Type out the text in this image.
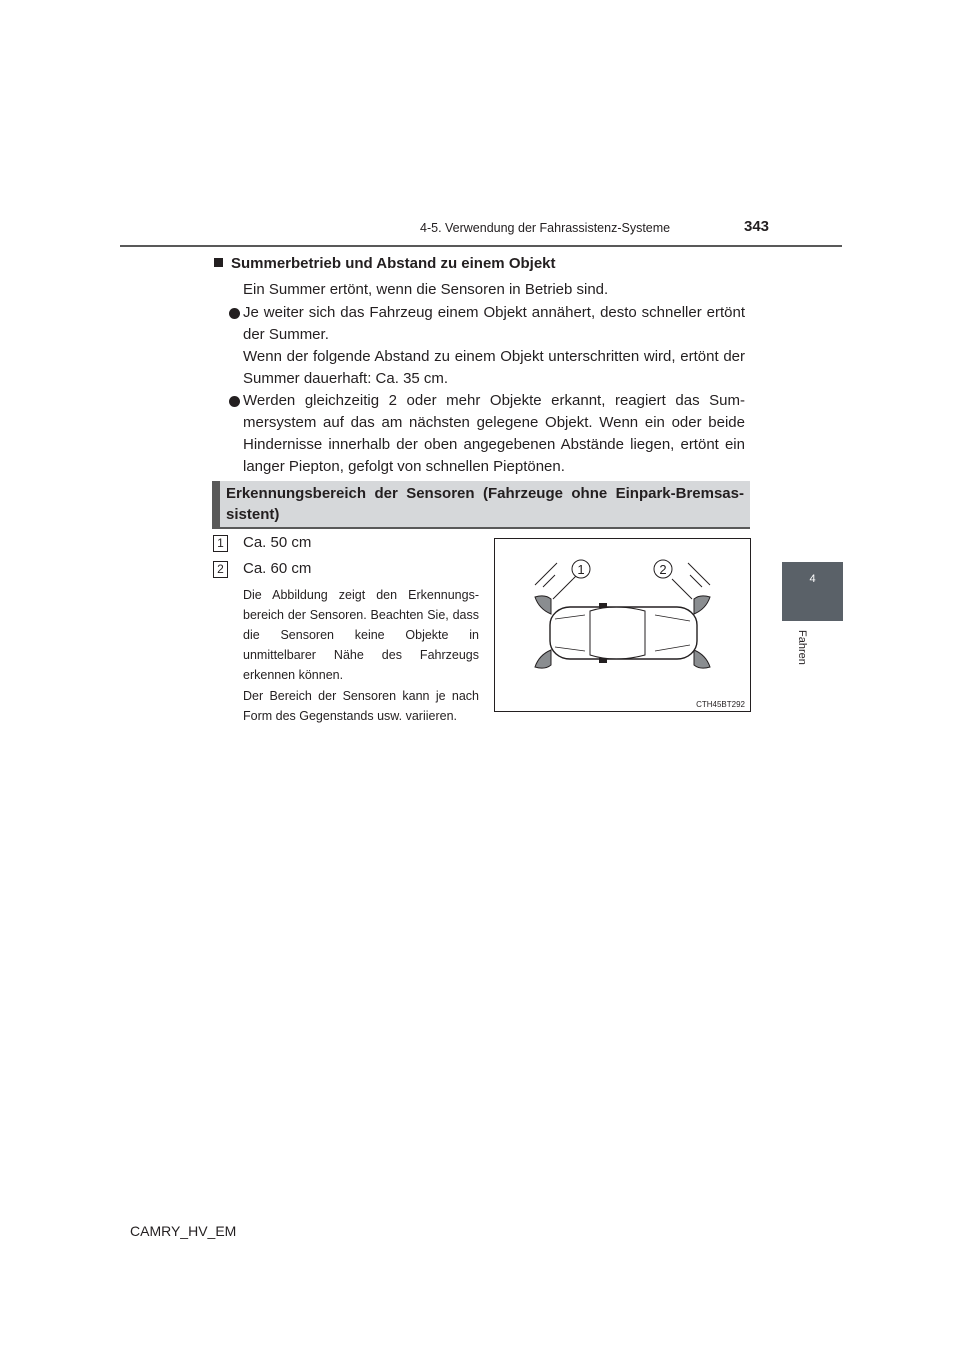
4-5. Verwendung der Fahrassistenz-Systeme	343
4
Fahren
Summerbetrieb und Abstand zu einem Objekt
Ein Summer ertönt, wenn die Sensoren in Betrieb sind.
Je weiter sich das Fahrzeug einem Objekt annähert, desto schneller ertönt der Summer.
Wenn der folgende Abstand zu einem Objekt unterschritten wird, ertönt der Summer dauerhaft: Ca. 35 cm.
Werden gleichzeitig 2 oder mehr Objekte erkannt, reagiert das Sum-mersystem auf das am nächsten gelegene Objekt. Wenn ein oder beide Hindernisse innerhalb der oben angegebenen Abstände liegen, ertönt ein langer Piepton, gefolgt von schnellen Pieptönen.
Erkennungsbereich der Sensoren (Fahrzeuge ohne Einpark-Bremsas-sistent)
1 Ca. 50 cm
2 Ca. 60 cm
Die Abbildung zeigt den Erkennungs-bereich der Sensoren. Beachten Sie, dass die Sensoren keine Objekte in unmittelbarer Nähe des Fahrzeugs erkennen können.
Der Bereich der Sensoren kann je nach Form des Gegenstands usw. variieren.
1	2
CTH45BT292
CAMRY_HV_EM
